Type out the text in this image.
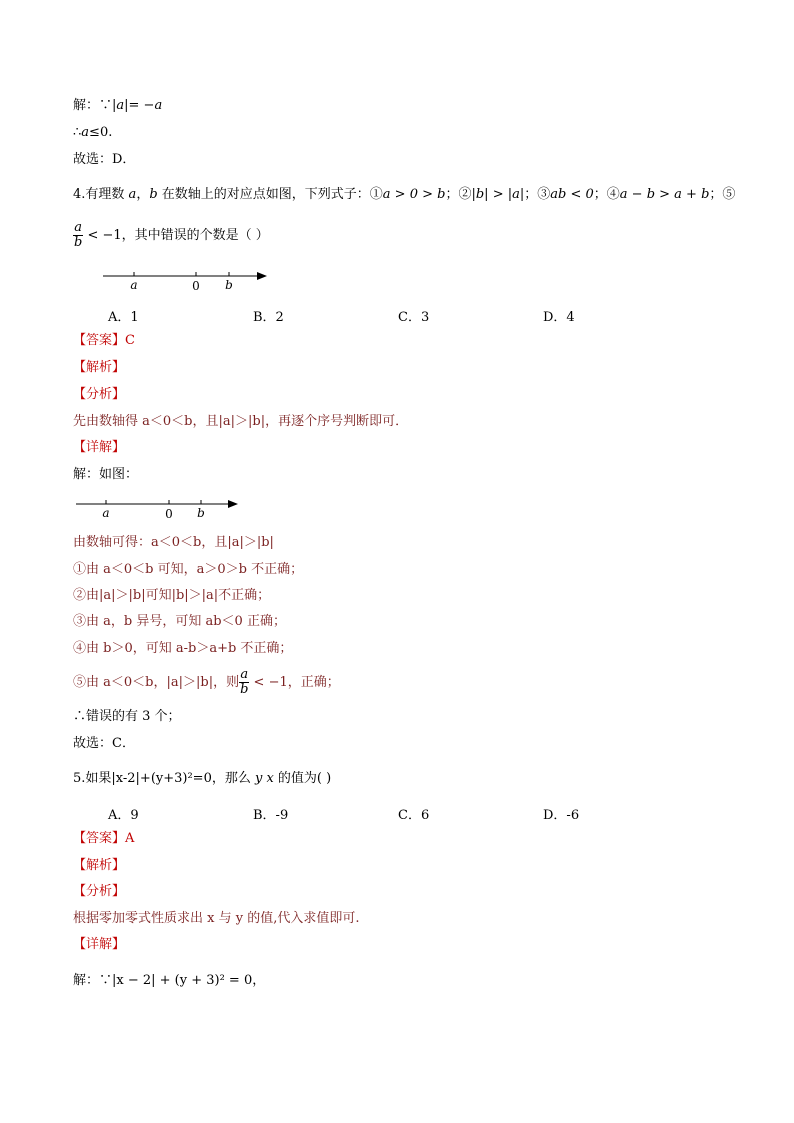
解：∵|a|= −a
∴a≤0.
故选：D．
4.有理数 a，b 在数轴上的对应点如图，下列式子：①a > 0 > b；②|b| > |a|；③ab < 0；④a − b > a + b；⑤
$\frac{a}{b} < -1$，其中错误的个数是（ ）
a	0 b
A．1	B．2	C．3	D．4
【答案】C
【解析】
【分析】
先由数轴得 a＜0＜b，且|a|＞|b|，再逐个序号判断即可．
【详解】
解：如图：
a	0 b
由数轴可得：a＜0＜b，且|a|＞|b|
①由 a＜0＜b 可知，a＞0＞b 不正确；
②由|a|＞|b|可知|b|＞|a|不正确；
③由 a，b 异号，可知 ab＜0 正确；
④由 b＞0，可知 a-b＞a+b 不正确；
⑤由 a＜0＜b，|a|＞|b|，则 $\frac{a}{b} < -1$，正确；
∴错误的有 3 个；
故选：C．
5.如果|x-2|+(y+3)²=0，那么 y x 的值为( )
A．9	B．-9	C．6	D．-6
【答案】A
【解析】
【分析】
根据零加零式性质求出 x 与 y 的值,代入求值即可.
【详解】
解：∵|x − 2| + (y + 3)² = 0，
